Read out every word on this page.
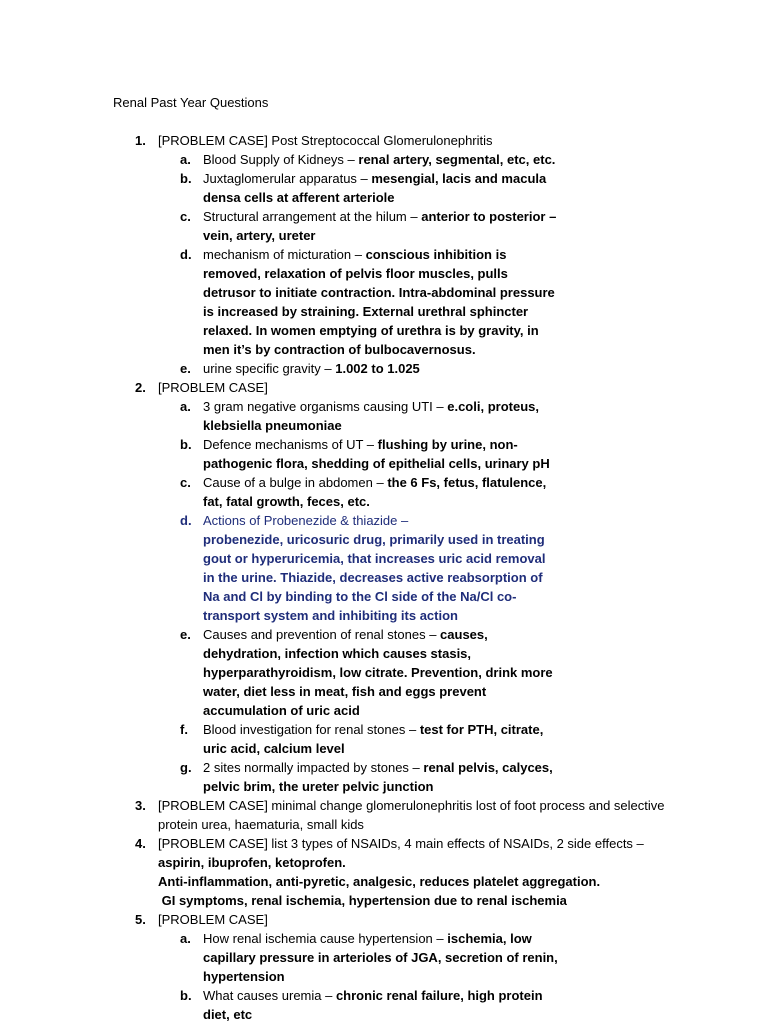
Renal Past Year Questions
1. [PROBLEM CASE] Post Streptococcal Glomerulonephritis
a. Blood Supply of Kidneys – renal artery, segmental, etc, etc.
b. Juxtaglomerular apparatus – mesengial, lacis and macula densa cells at afferent arteriole
c. Structural arrangement at the hilum – anterior to posterior – vein, artery, ureter
d. mechanism of micturation – conscious inhibition is removed, relaxation of pelvis floor muscles, pulls detrusor to initiate contraction. Intra-abdominal pressure is increased by straining. External urethral sphincter relaxed. In women emptying of urethra is by gravity, in men it’s by contraction of bulbocavernosus.
e. urine specific gravity – 1.002 to 1.025
2. [PROBLEM CASE]
a. 3 gram negative organisms causing UTI – e.coli, proteus, klebsiella pneumoniae
b. Defence mechanisms of UT – flushing by urine, non-pathogenic flora, shedding of epithelial cells, urinary pH
c. Cause of a bulge in abdomen – the 6 Fs, fetus, flatulence, fat, fatal growth, feces, etc.
d. Actions of Probenezide & thiazide –
probenezide, uricosuric drug, primarily used in treating gout or hyperuricemia, that increases uric acid removal in the urine. Thiazide, decreases active reabsorption of Na and Cl by binding to the Cl side of the Na/Cl co-transport system and inhibiting its action
e. Causes and prevention of renal stones – causes, dehydration, infection which causes stasis, hyperparathyroidism, low citrate. Prevention, drink more water, diet less in meat, fish and eggs prevent accumulation of uric acid
f. Blood investigation for renal stones – test for PTH, citrate, uric acid, calcium level
g. 2 sites normally impacted by stones – renal pelvis, calyces, pelvic brim, the ureter pelvic junction
3. [PROBLEM CASE] minimal change glomerulonephritis lost of foot process and selective protein urea, haematuria, small kids
4. [PROBLEM CASE] list 3 types of NSAIDs, 4 main effects of NSAIDs, 2 side effects –
aspirin, ibuprofen, ketoprofen.
Anti-inflammation, anti-pyretic, analgesic, reduces platelet aggregation.
GI symptoms, renal ischemia, hypertension due to renal ischemia
5. [PROBLEM CASE]
a. How renal ischemia cause hypertension – ischemia, low capillary pressure in arterioles of JGA, secretion of renin, hypertension
b. What causes uremia – chronic renal failure, high protein diet, etc
